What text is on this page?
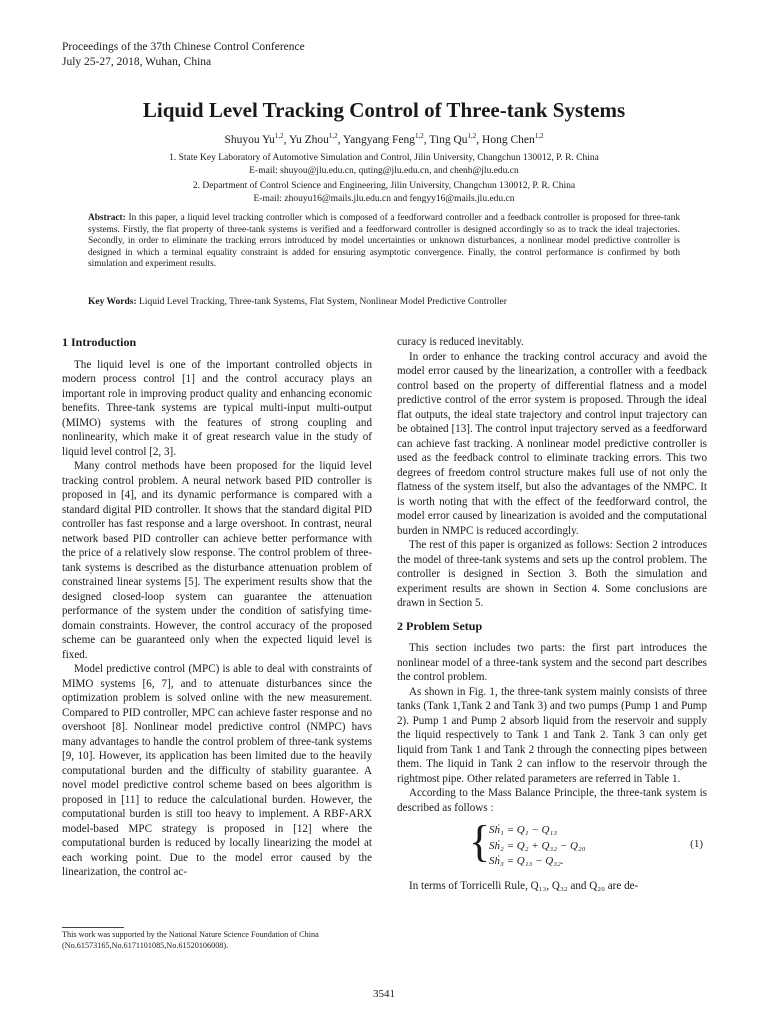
Proceedings of the 37th Chinese Control Conference
July 25-27, 2018, Wuhan, China
Liquid Level Tracking Control of Three-tank Systems
Shuyou Yu$^{1,2}$, Yu Zhou$^{1,2}$, Yangyang Feng$^{1,2}$, Ting Qu$^{1,2}$, Hong Chen$^{1,2}$
1. State Key Laboratory of Automotive Simulation and Control, Jilin University, Changchun 130012, P. R. China
E-mail: shuyou@jlu.edu.cn, quting@jlu.edu.cn, and chenh@jlu.edu.cn
2. Department of Control Science and Engineering, Jilin University, Changchun 130012, P. R. China
E-mail: zhouyu16@mails.jlu.edu.cn and fengyy16@mails.jlu.edu.cn
Abstract: In this paper, a liquid level tracking controller which is composed of a feedforward controller and a feedback controller is proposed for three-tank systems. Firstly, the flat property of three-tank systems is verified and a feedforward controller is designed accordingly so as to track the ideal trajectories. Secondly, in order to eliminate the tracking errors introduced by model uncertainties or unknown disturbances, a nonlinear model predictive controller is designed in which a terminal equality constraint is added for ensuring asymptotic convergence. Finally, the control performance is confirmed by both simulation and experiment results.
Key Words: Liquid Level Tracking, Three-tank Systems, Flat System, Nonlinear Model Predictive Controller
1 Introduction

The liquid level is one of the important controlled objects in modern process control [1] and the control accuracy plays an important role in improving product quality and enhancing economic benefits. Three-tank systems are typical multi-input multi-output (MIMO) systems with the features of strong coupling and nonlinearity, which make it of great research value in the study of liquid level control [2, 3].

Many control methods have been proposed for the liquid level tracking control problem. A neural network based PID controller is proposed in [4], and its dynamic performance is compared with a standard digital PID controller. It shows that the standard digital PID controller has fast response and a large overshoot. In contrast, neural network based PID controller can achieve better performance with the price of a relatively slow response. The control problem of three-tank systems is described as the disturbance attenuation problem of constrained linear systems [5]. The experiment results show that the designed closed-loop system can guarantee the attenuation performance of the system under the condition of satisfying time-domain constraints. However, the control accuracy of the proposed scheme can be guaranteed only when the expected liquid level is fixed.

Model predictive control (MPC) is able to deal with constraints of MIMO systems [6, 7], and to attenuate disturbances since the optimization problem is solved online with the new measurement. Compared to PID controller, MPC can achieve faster response and no overshoot [8]. Nonlinear model predictive control (NMPC) havs many advantages to handle the control problem of three-tank systems [9, 10]. However, its application has been limited due to the heavily computational burden and the difficulty of stability guarantee. A novel model predictive control scheme based on bees algorithm is proposed in [11] to reduce the calculational burden. However, the computational burden is still too heavy to implement. A RBF-ARX model-based MPC strategy is proposed in [12] where the computational burden is reduced by locally linearizing the model at each working point. Due to the model error caused by the linearization, the control ac-

curacy is reduced inevitably.

In order to enhance the tracking control accuracy and avoid the model error caused by the linearization, a controller with a feedback control based on the property of differential flatness and a model predictive control of the error system is proposed. Through the ideal flat outputs, the ideal state trajectory and control input trajectory can be obtained [13]. The control input trajectory served as a feedforward can achieve fast tracking. A nonlinear model predictive controller is used as the feedback control to eliminate tracking errors. This two degrees of freedom control structure makes full use of not only the flatness of the system itself, but also the advantages of the NMPC. It is worth noting that with the effect of the feedforward control, the model error caused by linearization is avoided and the computational burden in NMPC is reduced accordingly.

The rest of this paper is organized as follows: Section 2 introduces the model of three-tank systems and sets up the control problem. The controller is designed in Section 3. Both the simulation and experiment results are shown in Section 4. Some conclusions are drawn in Section 5.

2 Problem Setup

This section includes two parts: the first part introduces the nonlinear model of a three-tank system and the second part describes the control problem.

As shown in Fig. 1, the three-tank system mainly consists of three tanks (Tank 1,Tank 2 and Tank 3) and two pumps (Pump 1 and Pump 2). Pump 1 and Pump 2 absorb liquid from the reservoir and supply the liquid respectively to Tank 1 and Tank 2. Tank 3 can only get liquid from Tank 1 and Tank 2 through the connecting pipes between them. The liquid in Tank 2 can inflow to the reservoir through the rightmost pipe. Other related parameters are referred in Table 1.

According to the Mass Balance Principle, the three-tank system is described as follows :

{
Sḣ₁ = Q₁ − Q₁₃
Sḣ₂ = Q₂ + Q₃₂ − Q₂₀
Sḣ₃ = Q₁₃ − Q₃₂.
(1)

In terms of Torricelli Rule, Q₁₃, Q₃₂ and Q₂₀ are de-

This work was supported by the National Nature Science Foundation of China (No.61573165,No.6171101085,No.61520106008).
3541
